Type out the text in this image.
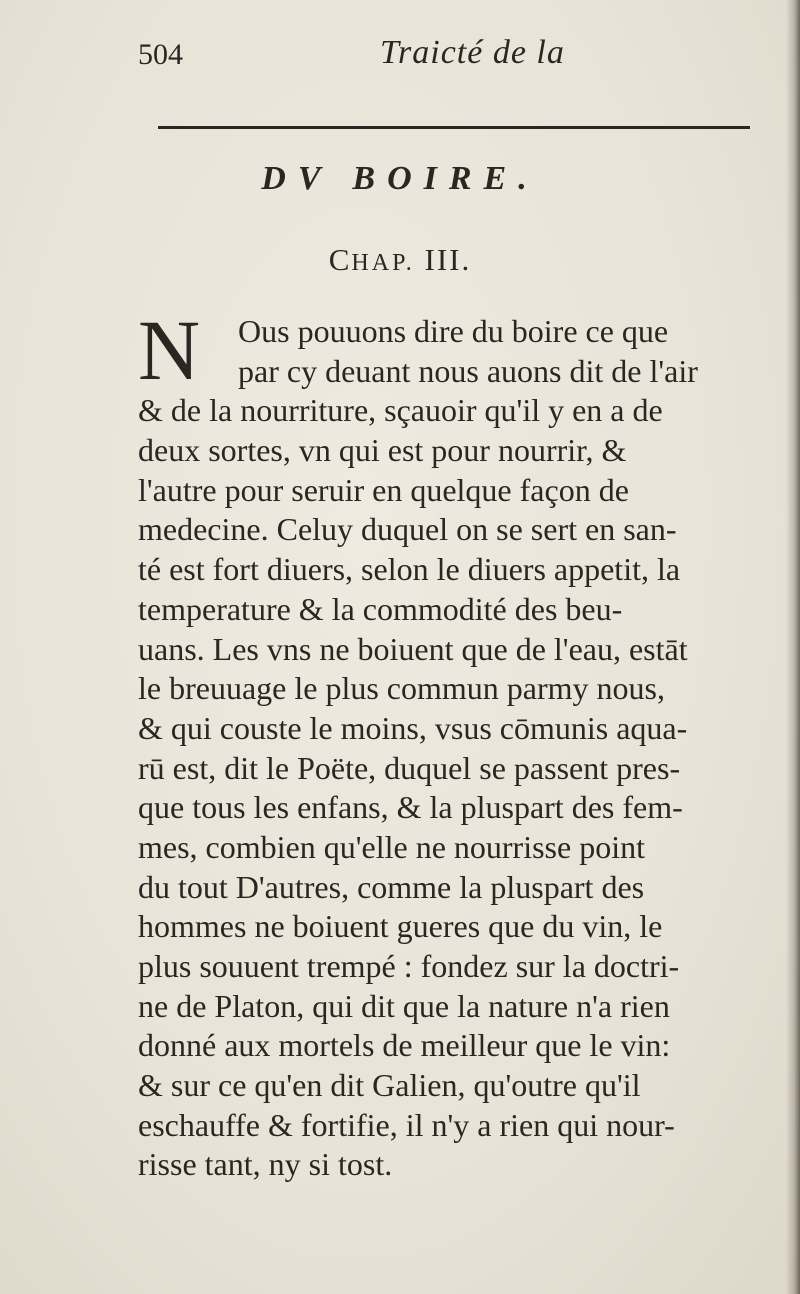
504	Traicté de la
DV BOIRE.
CHAP. III.
N	Ous pouuons dire du boire ce que
par cy deuant nous auons dit de l'air
& de la nourriture, sçauoir qu'il y en a de
deux sortes, vn qui est pour nourrir, &
l'autre pour seruir en quelque façon de
medecine. Celuy duquel on se sert en san-
té est fort diuers, selon le diuers appetit, la
temperature & la commodité des beu-
uans. Les vns ne boiuent que de l'eau, estāt
le breuuage le plus commun parmy nous,
& qui couste le moins, vsus cōmunis aqua-
rū est, dit le Poëte, duquel se passent pres-
que tous les enfans, & la pluspart des fem-
mes, combien qu'elle ne nourrisse point
du tout D'autres, comme la pluspart des
hommes ne boiuent gueres que du vin, le
plus souuent trempé : fondez sur la doctri-
ne de Platon, qui dit que la nature n'a rien
donné aux mortels de meilleur que le vin:
& sur ce qu'en dit Galien, qu'outre qu'il
eschauffe & fortifie, il n'y a rien qui nour-
risse tant, ny si tost.
